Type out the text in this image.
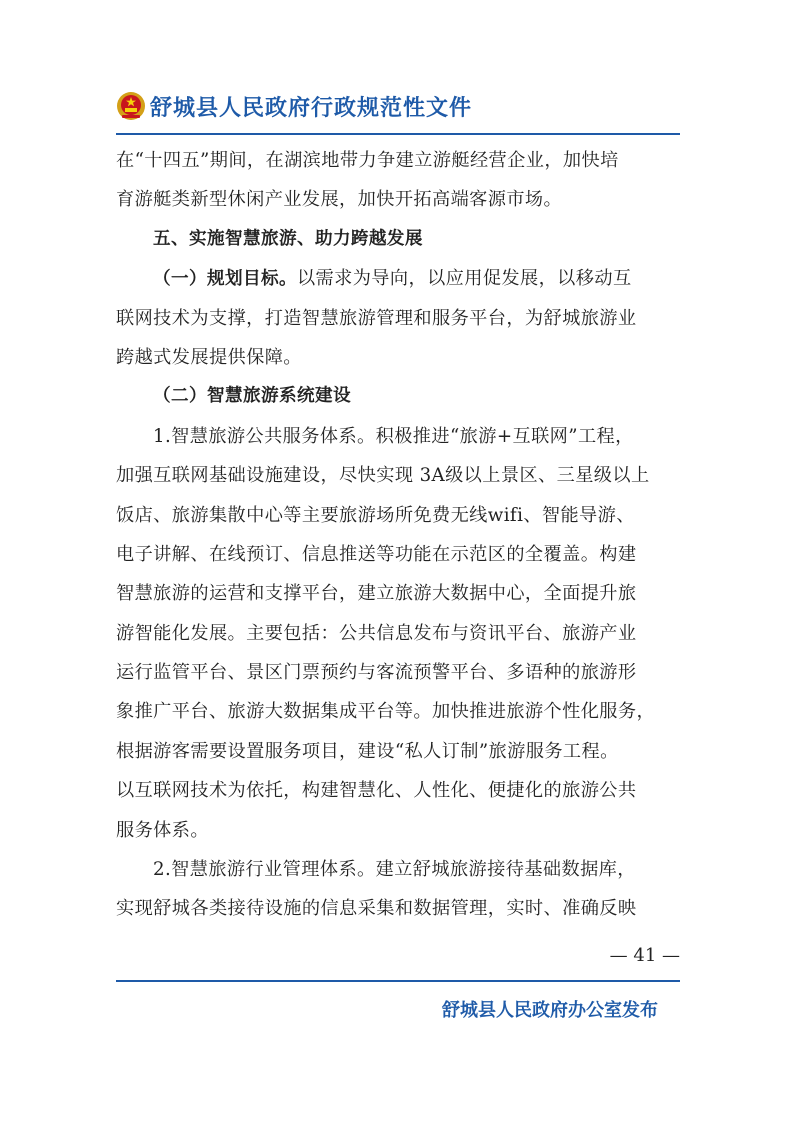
舒城县人民政府行政规范性文件
在“十四五”期间，在湖滨地带力争建立游艇经营企业，加快培
育游艇类新型休闲产业发展，加快开拓高端客源市场。
五、实施智慧旅游、助力跨越发展
（一）规划目标。以需求为导向，以应用促发展，以移动互
联网技术为支撑，打造智慧旅游管理和服务平台，为舒城旅游业
跨越式发展提供保障。
（二）智慧旅游系统建设
1.智慧旅游公共服务体系。积极推进“旅游+互联网”工程，
加强互联网基础设施建设，尽快实现 3A级以上景区、三星级以上
饭店、旅游集散中心等主要旅游场所免费无线wifi、智能导游、
电子讲解、在线预订、信息推送等功能在示范区的全覆盖。构建
智慧旅游的运营和支撑平台，建立旅游大数据中心，全面提升旅
游智能化发展。主要包括：公共信息发布与资讯平台、旅游产业
运行监管平台、景区门票预约与客流预警平台、多语种的旅游形
象推广平台、旅游大数据集成平台等。加快推进旅游个性化服务，
根据游客需要设置服务项目，建设“私人订制”旅游服务工程。
以互联网技术为依托，构建智慧化、人性化、便捷化的旅游公共
服务体系。
2.智慧旅游行业管理体系。建立舒城旅游接待基础数据库，
实现舒城各类接待设施的信息采集和数据管理，实时、准确反映
— 41 —
舒城县人民政府办公室发布
